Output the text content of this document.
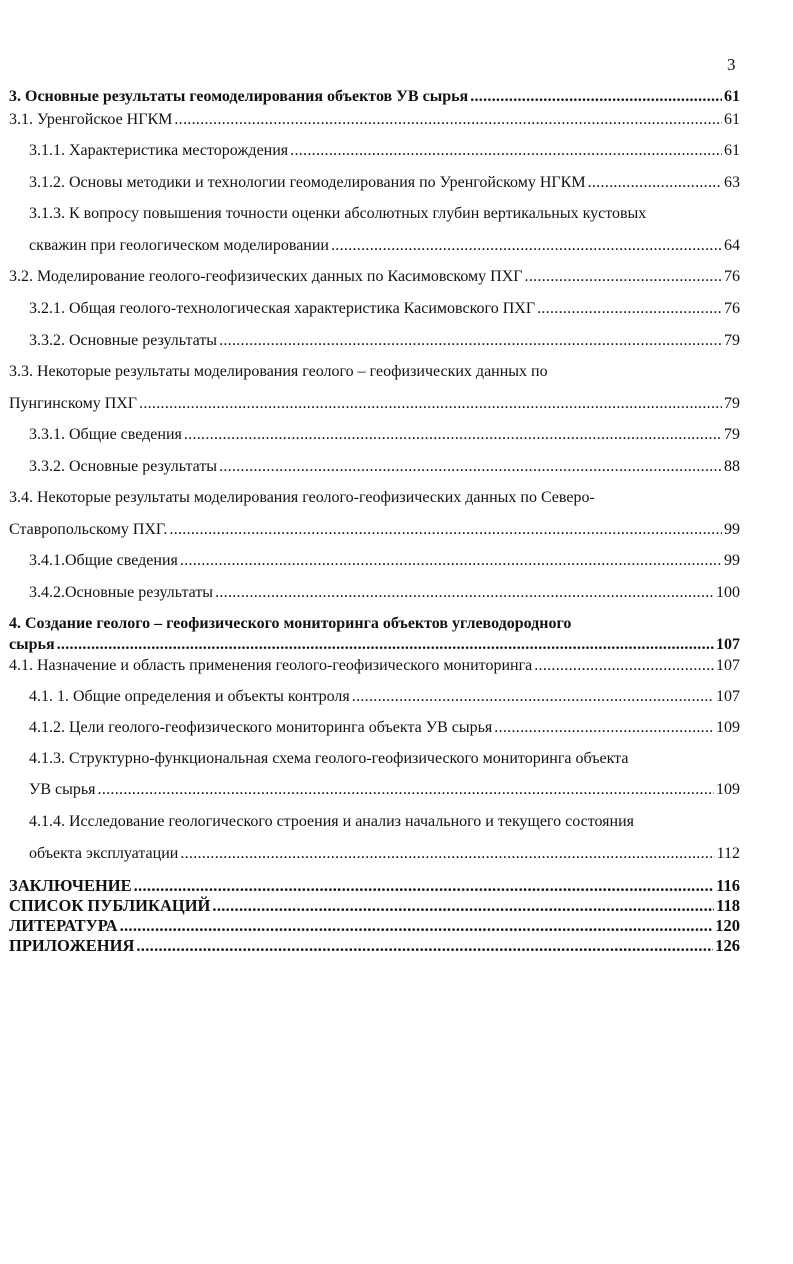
3
3. Основные результаты геомоделирования объектов УВ сырья .....	61
3.1. Уренгойское НГКМ .....	61
3.1.1. Характеристика месторождения .....	61
3.1.2. Основы методики и технологии геомоделирования по Уренгойскому НГКМ .....	63
3.1.3. К вопросу повышения точности оценки абсолютных глубин вертикальных кустовых
скважин при геологическом моделировании .....	64
3.2. Моделирование геолого-геофизических данных по Касимовскому ПХГ .....	76
3.2.1. Общая геолого-технологическая характеристика Касимовского ПХГ .....	76
3.3.2. Основные результаты .....	79
3.3. Некоторые результаты моделирования геолого – геофизических данных по
Пунгинскому ПХГ .....	79
3.3.1. Общие сведения .....	79
3.3.2. Основные результаты .....	88
3.4. Некоторые результаты моделирования геолого-геофизических данных по Северо-
Ставропольскому ПХГ. .....	99
3.4.1.Общие сведения .....	99
3.4.2.Основные результаты .....	100
4. Создание геолого – геофизического мониторинга объектов углеводородного
сырья .....	107
4.1. Назначение и область применения геолого-геофизического мониторинга .....	107
4.1. 1. Общие определения и объекты контроля .....	107
4.1.2. Цели геолого-геофизического мониторинга объекта УВ сырья .....	109
4.1.3. Структурно-функциональная схема геолого-геофизического мониторинга объекта
УВ сырья .....	109
4.1.4. Исследование геологического строения и анализ начального и текущего состояния
объекта эксплуатации .....	112
ЗАКЛЮЧЕНИЕ .....	116
СПИСОК ПУБЛИКАЦИЙ .....	118
ЛИТЕРАТУРА .....	120
ПРИЛОЖЕНИЯ .....	126
